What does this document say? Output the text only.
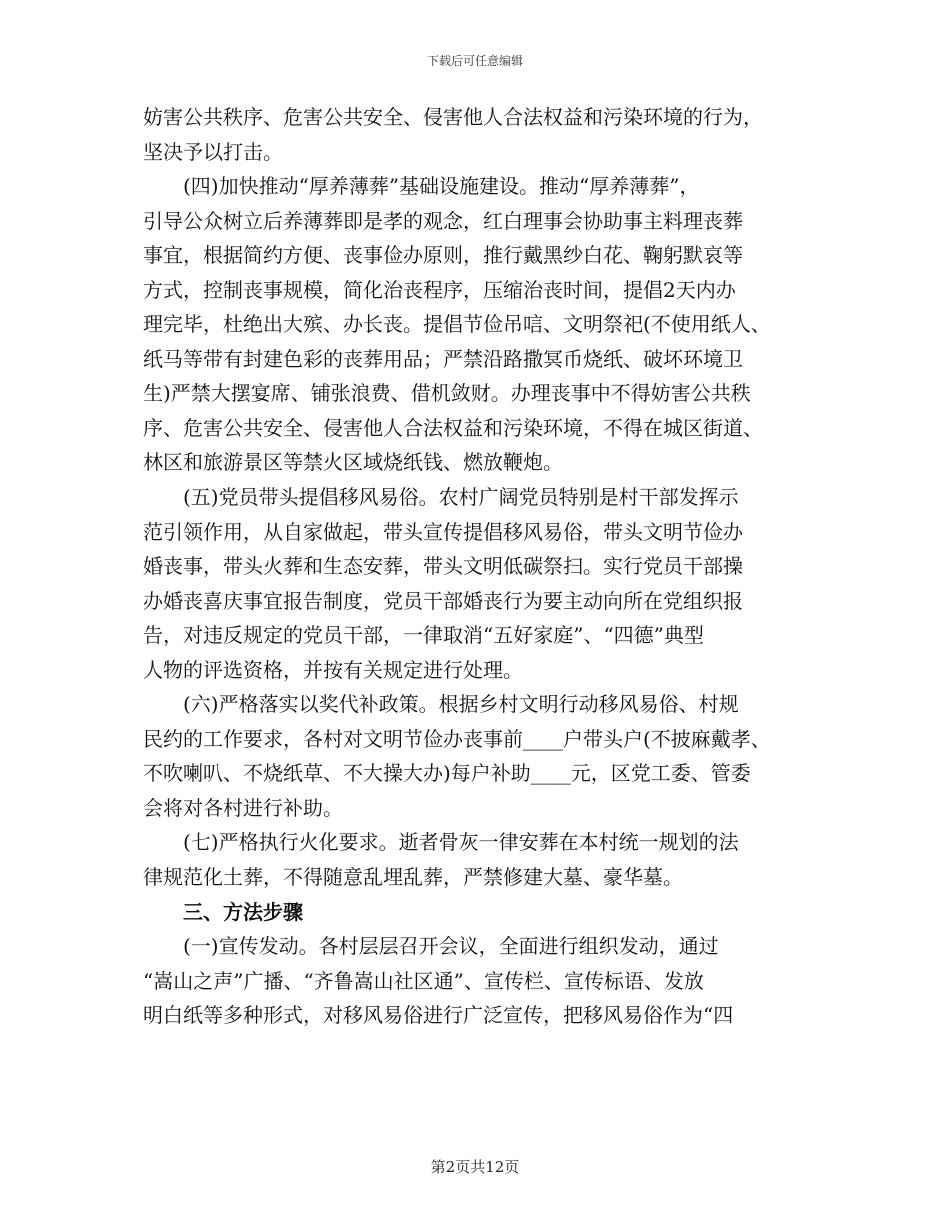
下载后可任意编辑
妨害公共秩序、危害公共安全、侵害他人合法权益和污染环境的行为，
坚决予以打击。
(四)加快推动“厚养薄葬”基础设施建设。推动“厚养薄葬”，
引导公众树立后养薄葬即是孝的观念，红白理事会协助事主料理丧葬
事宜，根据简约方便、丧事俭办原则，推行戴黑纱白花、鞠躬默哀等
方式，控制丧事规模，简化治丧程序，压缩治丧时间，提倡2天内办
理完毕，杜绝出大殡、办长丧。提倡节俭吊唁、文明祭祀(不使用纸人、
纸马等带有封建色彩的丧葬用品；严禁沿路撒冥币烧纸、破坏环境卫
生)严禁大摆宴席、铺张浪费、借机敛财。办理丧事中不得妨害公共秩
序、危害公共安全、侵害他人合法权益和污染环境，不得在城区街道、
林区和旅游景区等禁火区域烧纸钱、燃放鞭炮。
(五)党员带头提倡移风易俗。农村广阔党员特别是村干部发挥示
范引领作用，从自家做起，带头宣传提倡移风易俗，带头文明节俭办
婚丧事，带头火葬和生态安葬，带头文明低碳祭扫。实行党员干部操
办婚丧喜庆事宜报告制度，党员干部婚丧行为要主动向所在党组织报
告，对违反规定的党员干部，一律取消“五好家庭”、“四德”典型
人物的评选资格，并按有关规定进行处理。
(六)严格落实以奖代补政策。根据乡村文明行动移风易俗、村规
民约的工作要求，各村对文明节俭办丧事前____户带头户(不披麻戴孝、
不吹喇叭、不烧纸草、不大操大办)每户补助____元，区党工委、管委
会将对各村进行补助。
(七)严格执行火化要求。逝者骨灰一律安葬在本村统一规划的法
律规范化土葬，不得随意乱埋乱葬，严禁修建大墓、豪华墓。
三、方法步骤
(一)宣传发动。各村层层召开会议，全面进行组织发动，通过
“嵩山之声”广播、“齐鲁嵩山社区通”、宣传栏、宣传标语、发放
明白纸等多种形式，对移风易俗进行广泛宣传，把移风易俗作为“四
第2页共12页
